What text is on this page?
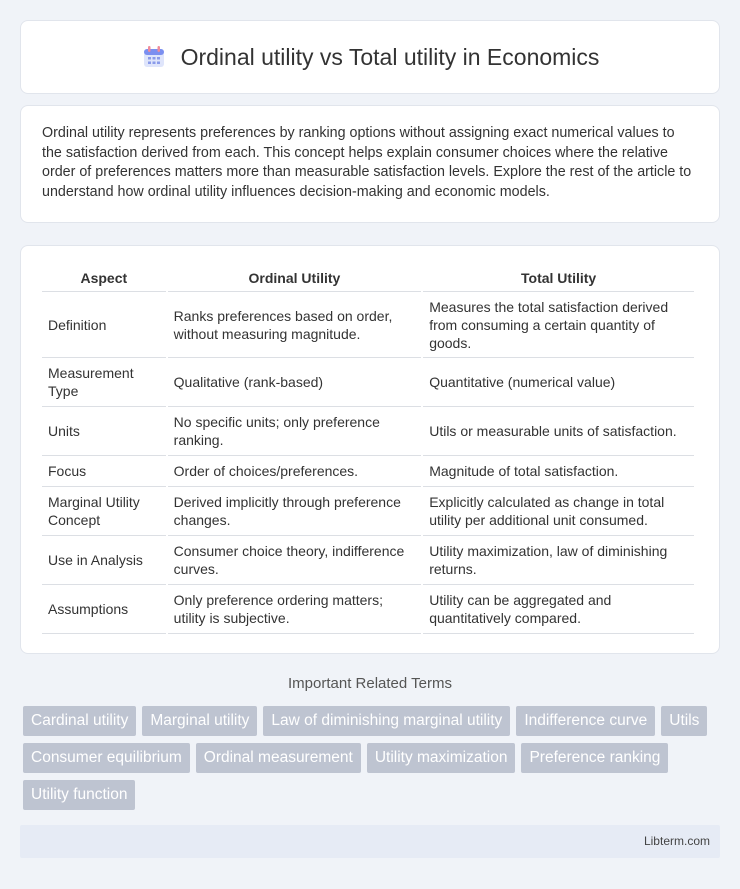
Ordinal utility vs Total utility in Economics

Ordinal utility represents preferences by ranking options without assigning exact numerical values to the satisfaction derived from each. This concept helps explain consumer choices where the relative order of preferences matters more than measurable satisfaction levels. Explore the rest of the article to understand how ordinal utility influences decision-making and economic models.

Aspect	Ordinal Utility	Total Utility
Definition	Ranks preferences based on order, without measuring magnitude.	Measures the total satisfaction derived from consuming a certain quantity of goods.
Measurement Type	Qualitative (rank-based)	Quantitative (numerical value)
Units	No specific units; only preference ranking.	Utils or measurable units of satisfaction.
Focus	Order of choices/preferences.	Magnitude of total satisfaction.
Marginal Utility Concept	Derived implicitly through preference changes.	Explicitly calculated as change in total utility per additional unit consumed.
Use in Analysis	Consumer choice theory, indifference curves.	Utility maximization, law of diminishing returns.
Assumptions	Only preference ordering matters; utility is subjective.	Utility can be aggregated and quantitatively compared.
Important Related Terms
Cardinal utility	Marginal utility	Law of diminishing marginal utility	Indifference curve	Utils
Consumer equilibrium	Ordinal measurement	Utility maximization	Preference ranking
Utility function
Libterm.com
